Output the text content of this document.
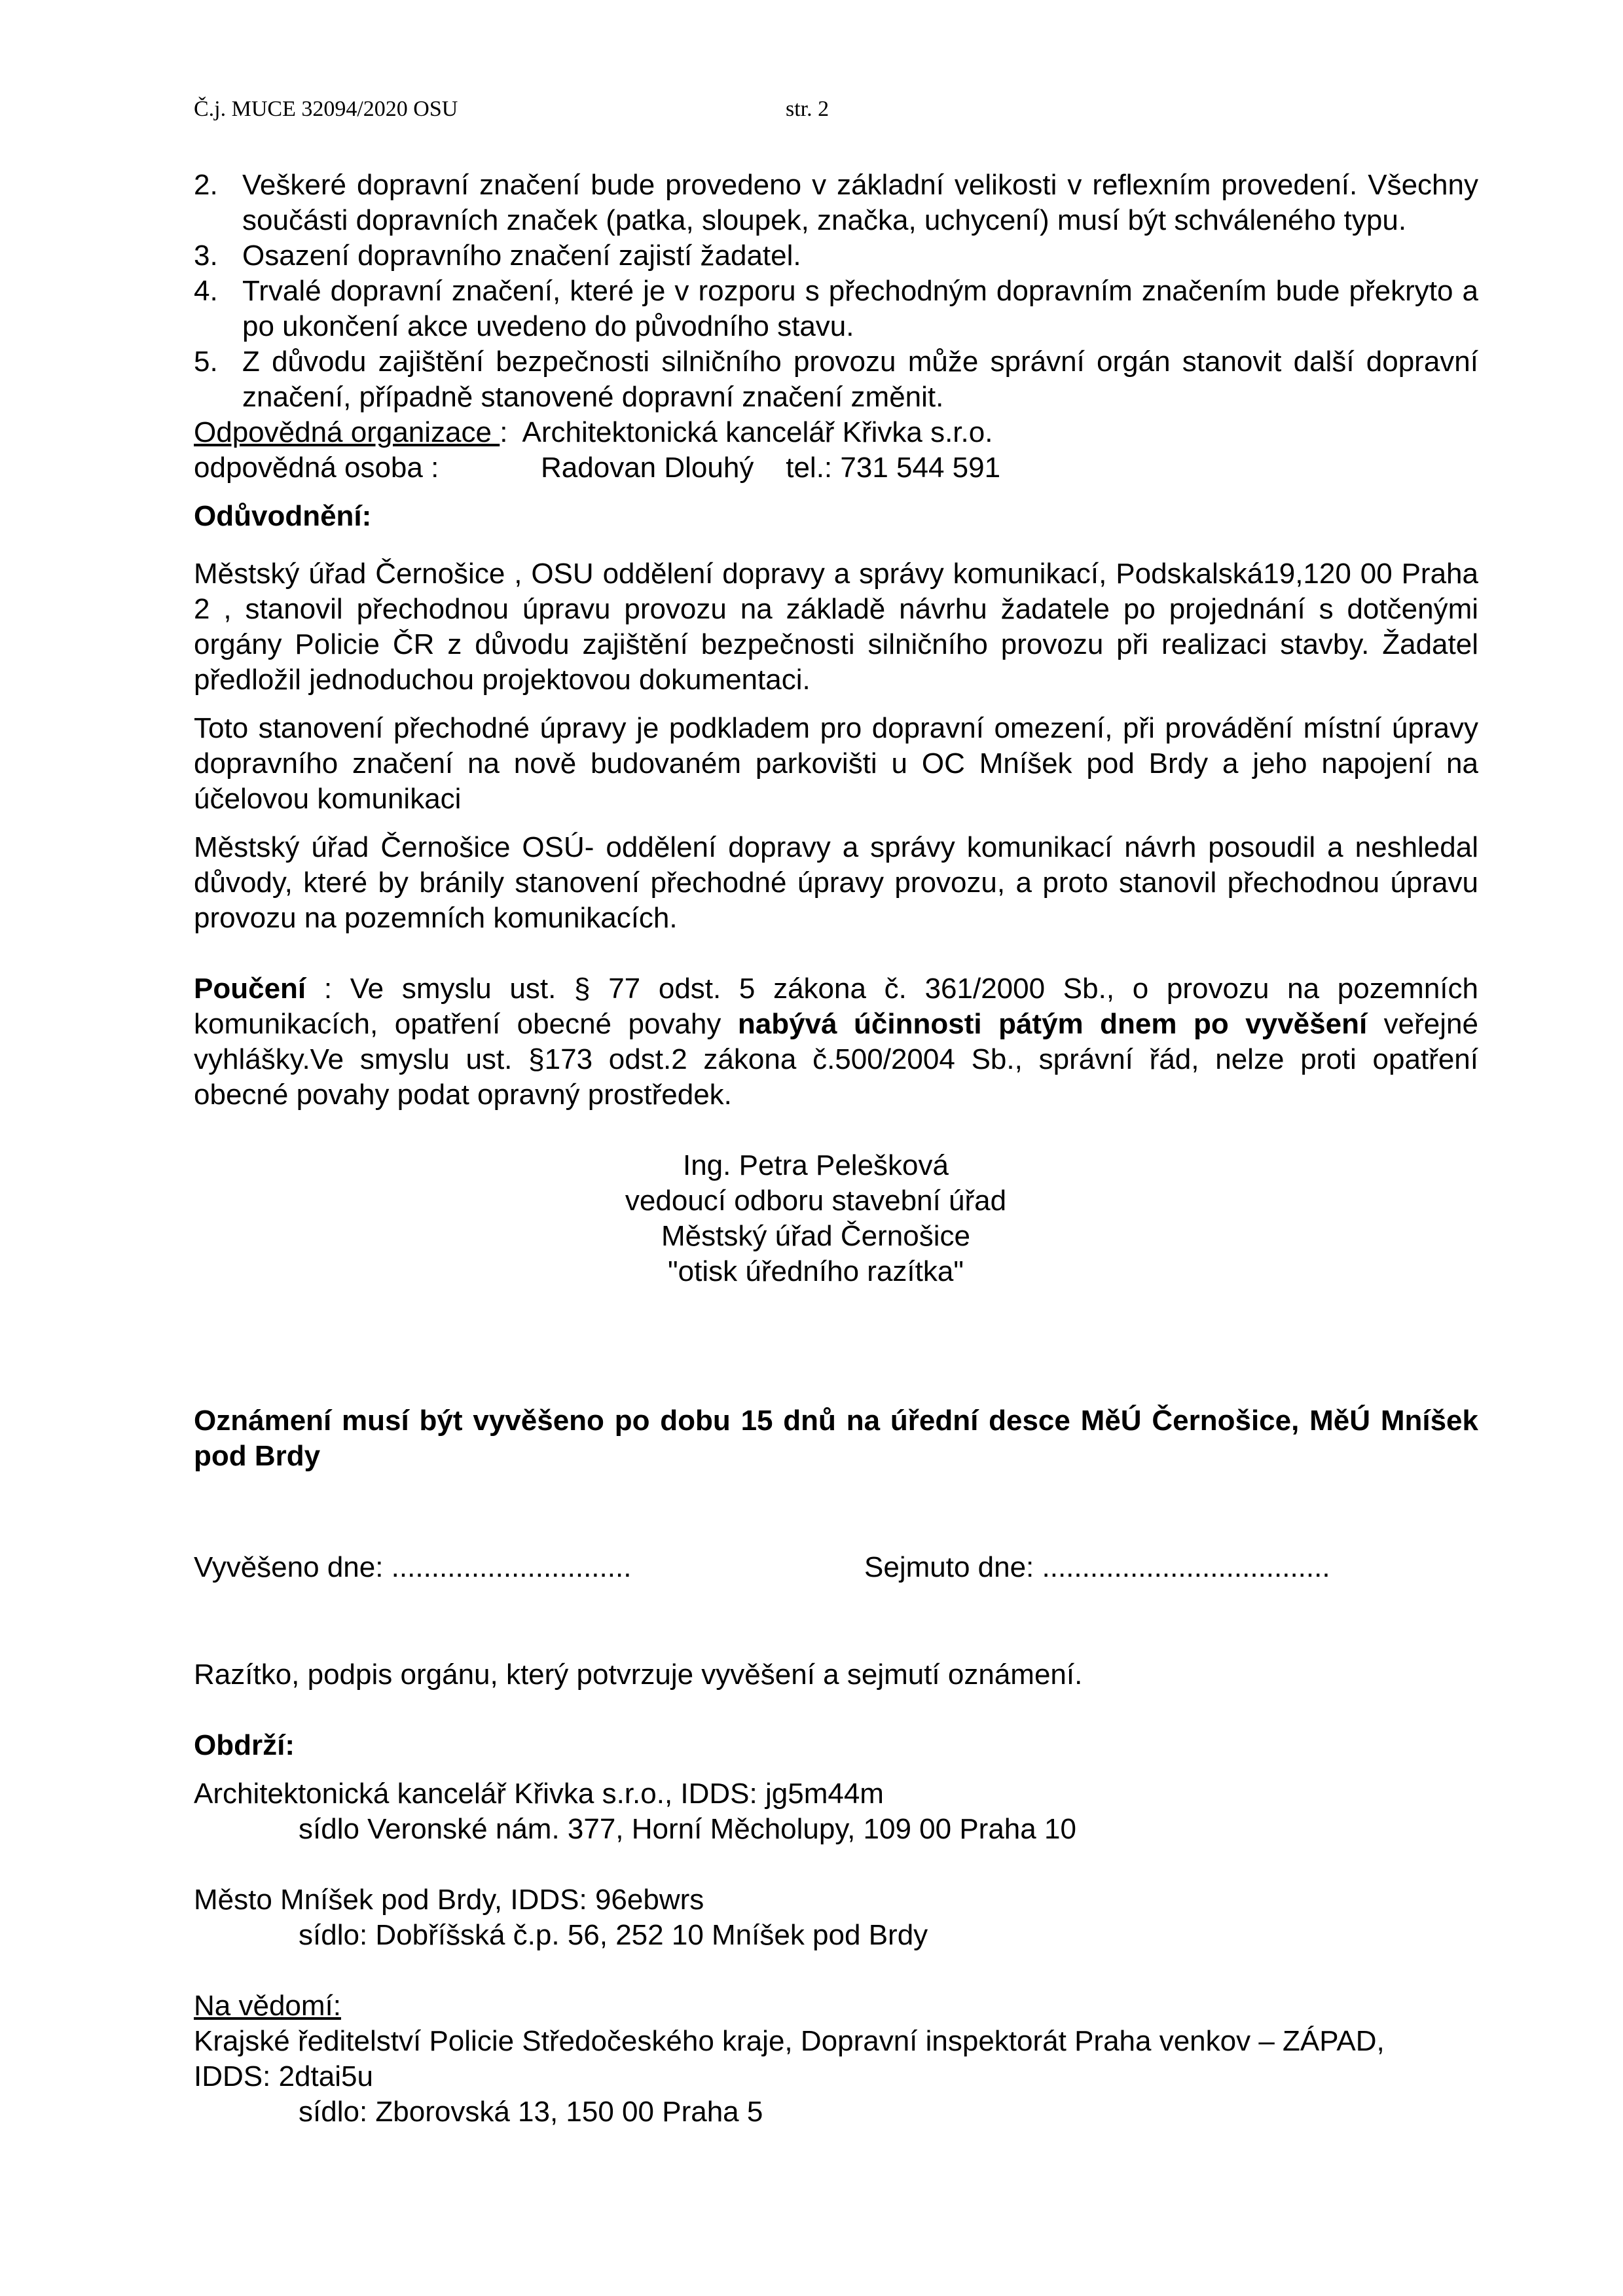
Č.j. MUCE 32094/2020 OSU	str. 2
2. Veškeré dopravní značení bude provedeno v základní velikosti v reflexním provedení. Všechny součásti dopravních značek (patka, sloupek, značka, uchycení) musí být schváleného typu.
3. Osazení dopravního značení zajistí žadatel.
4. Trvalé dopravní značení, které je v rozporu s přechodným dopravním značením bude překryto a po ukončení akce uvedeno do původního stavu.
5. Z důvodu zajištění bezpečnosti silničního provozu může správní orgán stanovit další dopravní značení, případně stanovené dopravní značení změnit.
Odpovědná organizace : Architektonická kancelář Křivka s.r.o.
odpovědná osoba :	Radovan Dlouhý tel.: 731 544 591
Odůvodnění:

Městský úřad Černošice , OSU oddělení dopravy a správy komunikací, Podskalská19,120 00 Praha 2 , stanovil přechodnou úpravu provozu na základě návrhu žadatele po projednání s dotčenými orgány Policie ČR z důvodu zajištění bezpečnosti silničního provozu při realizaci stavby. Žadatel předložil jednoduchou projektovou dokumentaci.

Toto stanovení přechodné úpravy je podkladem pro dopravní omezení, při provádění místní úpravy dopravního značení na nově budovaném parkovišti u OC Mníšek pod Brdy a jeho napojení na účelovou komunikaci

Městský úřad Černošice OSÚ- oddělení dopravy a správy komunikací návrh posoudil a neshledal důvody, které by bránily stanovení přechodné úpravy provozu, a proto stanovil přechodnou úpravu provozu na pozemních komunikacích.

Poučení : Ve smyslu ust. § 77 odst. 5 zákona č. 361/2000 Sb., o provozu na pozemních komunikacích, opatření obecné povahy nabývá účinnosti pátým dnem po vyvěšení veřejné vyhlášky.Ve smyslu ust. §173 odst.2 zákona č.500/2004 Sb., správní řád, nelze proti opatření obecné povahy podat opravný prostředek.

Ing. Petra Pelešková
vedoucí odboru stavební úřad
Městský úřad Černošice
"otisk úředního razítka"

Oznámení musí být vyvěšeno po dobu 15 dnů na úřední desce MěÚ Černošice, MěÚ Mníšek pod Brdy

Vyvěšeno dne: ..............................	Sejmuto dne: ....................................
Razítko, podpis orgánu, který potvrzuje vyvěšení a sejmutí oznámení.
Obdrží:
Architektonická kancelář Křivka s.r.o., IDDS: jg5m44m
sídlo Veronské nám. 377, Horní Měcholupy, 109 00 Praha 10
Město Mníšek pod Brdy, IDDS: 96ebwrs
sídlo: Dobříšská č.p. 56, 252 10 Mníšek pod Brdy
Na vědomí:
Krajské ředitelství Policie Středočeského kraje, Dopravní inspektorát Praha venkov – ZÁPAD,
IDDS: 2dtai5u
sídlo: Zborovská 13, 150 00 Praha 5
